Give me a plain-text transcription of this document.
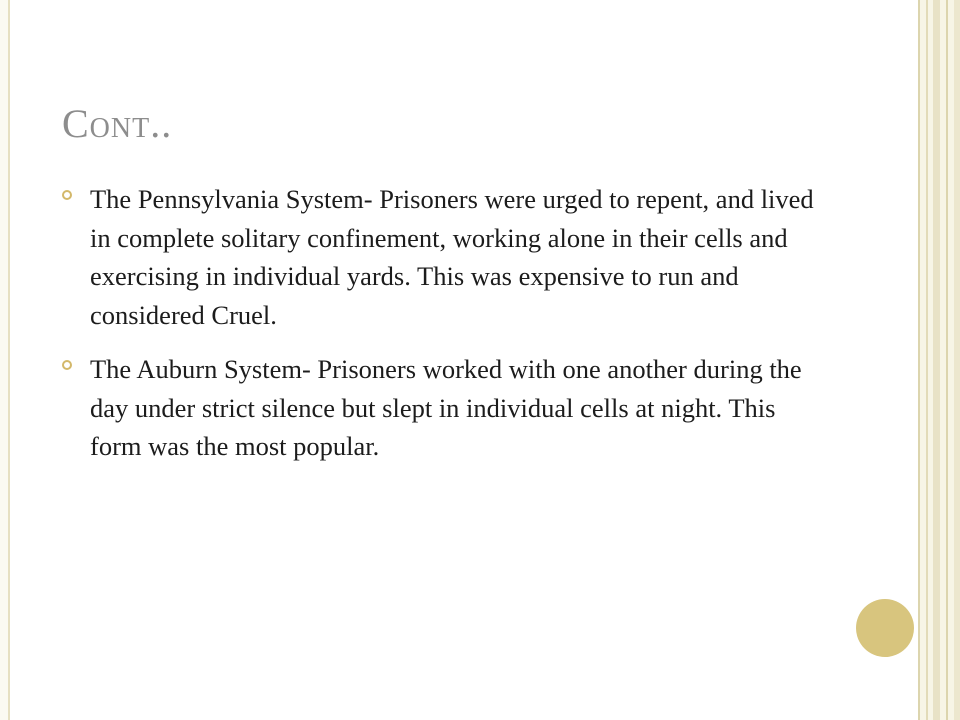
Cont..
The Pennsylvania System- Prisoners were urged to repent, and lived in complete solitary confinement, working alone in their cells and exercising in individual yards. This was expensive to run and considered Cruel.
The Auburn System- Prisoners worked with one another during the day under strict silence but slept in individual cells at night. This form was the most popular.
